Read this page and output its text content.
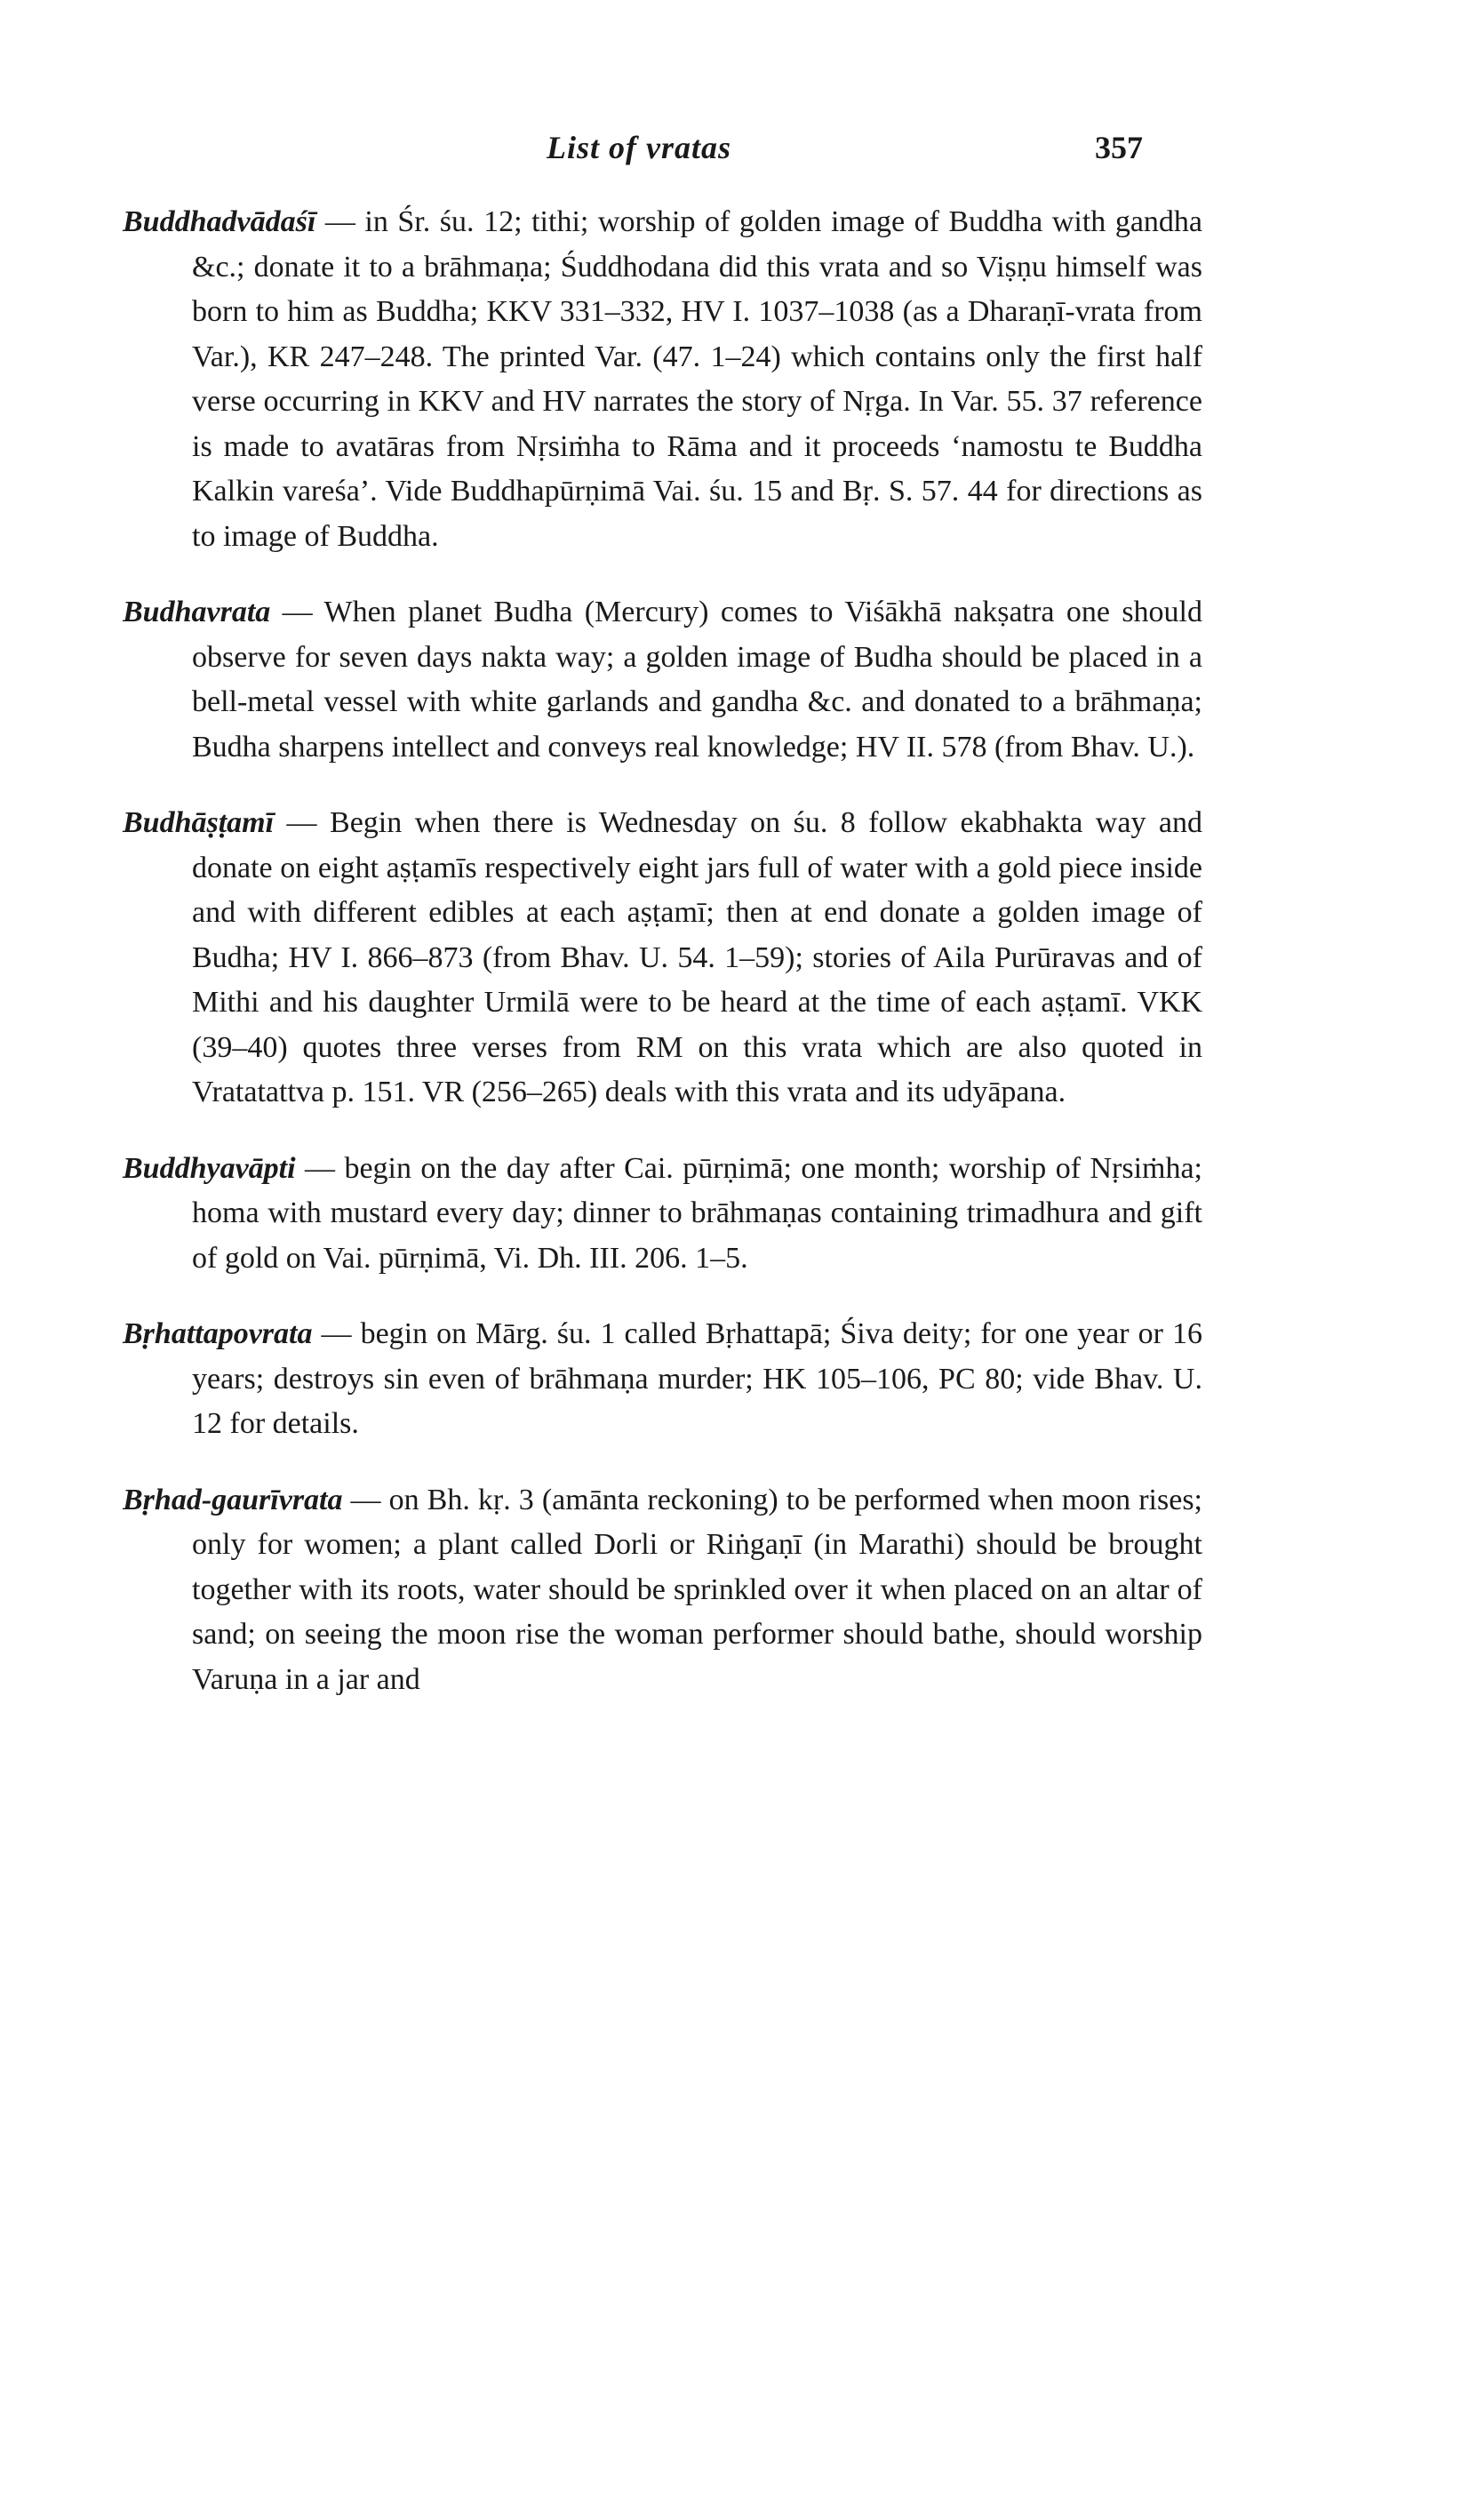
List of vratas	357

Buddhadvādaśī — in Śr. śu. 12; tithi; worship of golden image of Buddha with gandha &c.; donate it to a brāhmaṇa; Śuddhodana did this vrata and so Viṣṇu himself was born to him as Buddha; KKV 331–332, HV I. 1037–1038 (as a Dharaṇī-vrata from Var.), KR 247–248. The printed Var. (47. 1–24) which contains only the first half verse occurring in KKV and HV narrates the story of Nṛga. In Var. 55. 37 reference is made to avatāras from Nṛsiṁha to Rāma and it proceeds ‘namostu te Buddha Kalkin vareśa’. Vide Buddhapūrṇimā Vai. śu. 15 and Bṛ. S. 57. 44 for directions as to image of Buddha.

Budhavrata — When planet Budha (Mercury) comes to Viśākhā nakṣatra one should observe for seven days nakta way; a golden image of Budha should be placed in a bell-metal vessel with white garlands and gandha &c. and donated to a brāhmaṇa; Budha sharpens intellect and conveys real knowledge; HV II. 578 (from Bhav. U.).

Budhāṣṭamī — Begin when there is Wednesday on śu. 8 follow ekabhakta way and donate on eight aṣṭamīs respectively eight jars full of water with a gold piece inside and with different edibles at each aṣṭamī; then at end donate a golden image of Budha; HV I. 866–873 (from Bhav. U. 54. 1–59); stories of Aila Purūravas and of Mithi and his daughter Urmilā were to be heard at the time of each aṣṭamī. VKK (39–40) quotes three verses from RM on this vrata which are also quoted in Vratatattva p. 151. VR (256–265) deals with this vrata and its udyāpana.

Buddhyavāpti — begin on the day after Cai. pūrṇimā; one month; worship of Nṛsiṁha; homa with mustard every day; dinner to brāhmaṇas containing trimadhura and gift of gold on Vai. pūrṇimā, Vi. Dh. III. 206. 1–5.

Bṛhattapovrata — begin on Mārg. śu. 1 called Bṛhattapā; Śiva deity; for one year or 16 years; destroys sin even of brāhmaṇa murder; HK 105–106, PC 80; vide Bhav. U. 12 for details.

Bṛhad-gaurīvrata — on Bh. kṛ. 3 (amānta reckoning) to be performed when moon rises; only for women; a plant called Dorli or Riṅgaṇī (in Marathi) should be brought together with its roots, water should be sprinkled over it when placed on an altar of sand; on seeing the moon rise the woman performer should bathe, should worship Varuṇa in a jar and
